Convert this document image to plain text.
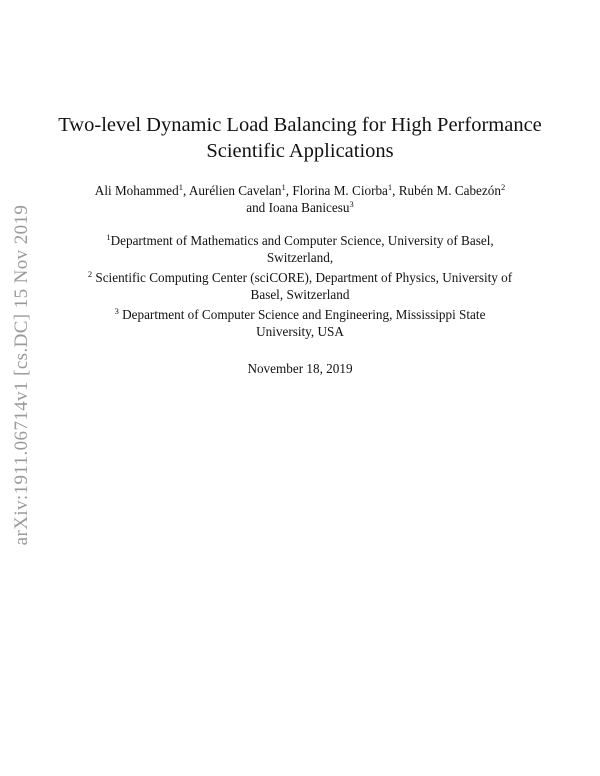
arXiv:1911.06714v1 [cs.DC] 15 Nov 2019
Two-level Dynamic Load Balancing for High Performance
Scientific Applications
Ali Mohammed$^1$, Aurélien Cavelan$^1$, Florina M. Ciorba$^1$, Rubén M. Cabezón$^2$
and Ioana Banicesu$^3$
$^1$Department of Mathematics and Computer Science, University of Basel,
Switzerland,
$^2$ Scientific Computing Center (sciCORE), Department of Physics, University of
Basel, Switzerland
$^3$ Department of Computer Science and Engineering, Mississippi State
University, USA
November 18, 2019
